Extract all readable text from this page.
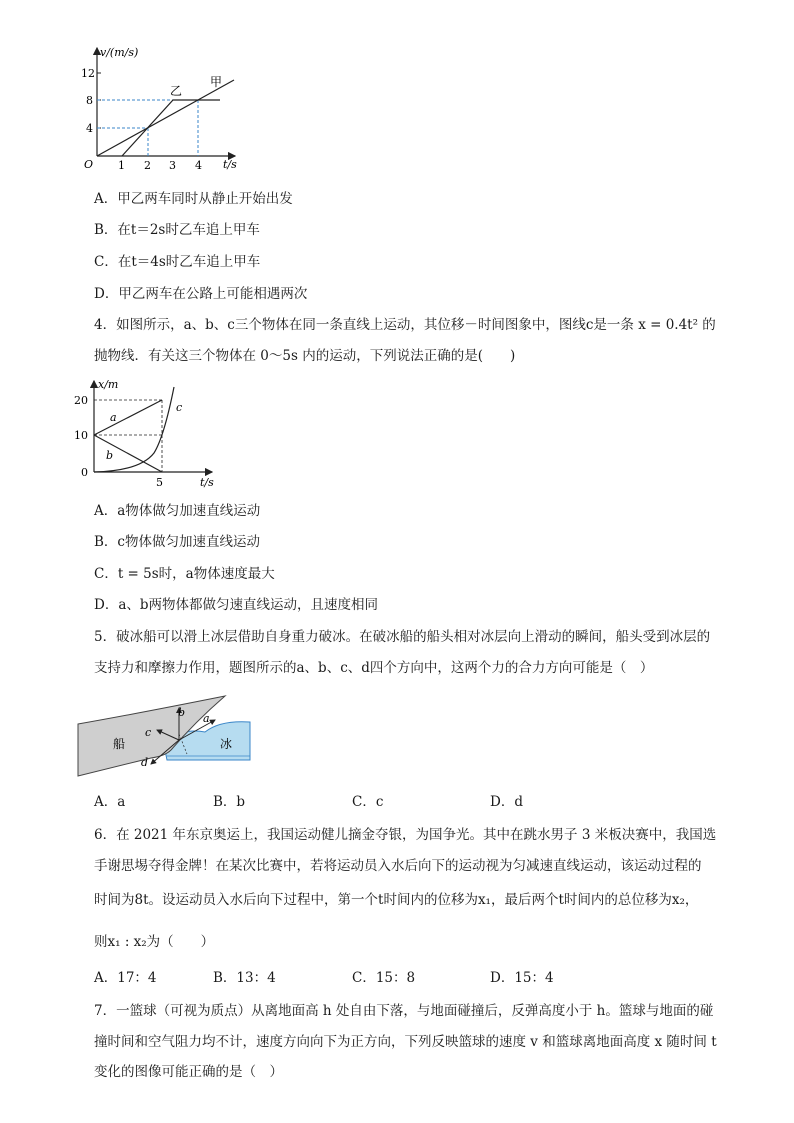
v/(m/s)
t/s
O
12
8
4
1 2 3 4
甲
乙
A．甲乙两车同时从静止开始出发
B．在t＝2s时乙车追上甲车
C．在t＝4s时乙车追上甲车
D．甲乙两车在公路上可能相遇两次
4．如图所示，a、b、c三个物体在同一条直线上运动，其位移－时间图象中，图线c是一条 x = 0.4t² 的
抛物线．有关这三个物体在 0～5s 内的运动，下列说法正确的是(　　)
x/m
t/s
20
10
0
5
a
b
c
A．a物体做匀加速直线运动
B．c物体做匀加速直线运动
C．t = 5s时，a物体速度最大
D．a、b两物体都做匀速直线运动，且速度相同
5．破冰船可以滑上冰层借助自身重力破冰。在破冰船的船头相对冰层向上滑动的瞬间，船头受到冰层的
支持力和摩擦力作用，题图所示的a、b、c、d四个方向中，这两个力的合力方向可能是（　）
船	冰
a
b
c
d
A．a	B．b	C．c	D．d
6．在 2021 年东京奥运上，我国运动健儿摘金夺银，为国争光。其中在跳水男子 3 米板决赛中，我国选
手谢思埸夺得金牌！在某次比赛中，若将运动员入水后向下的运动视为匀减速直线运动，该运动过程的
时间为8t。设运动员入水后向下过程中，第一个t时间内的位移为x₁，最后两个t时间内的总位移为x₂，
则x₁ : x₂为（　　）
A．17：4	B．13：4	C．15：8	D．15：4
7．一篮球（可视为质点）从离地面高 h 处自由下落，与地面碰撞后，反弹高度小于 h。篮球与地面的碰
撞时间和空气阻力均不计，速度方向向下为正方向，下列反映篮球的速度 v 和篮球离地面高度 x 随时间 t
变化的图像可能正确的是（　）
